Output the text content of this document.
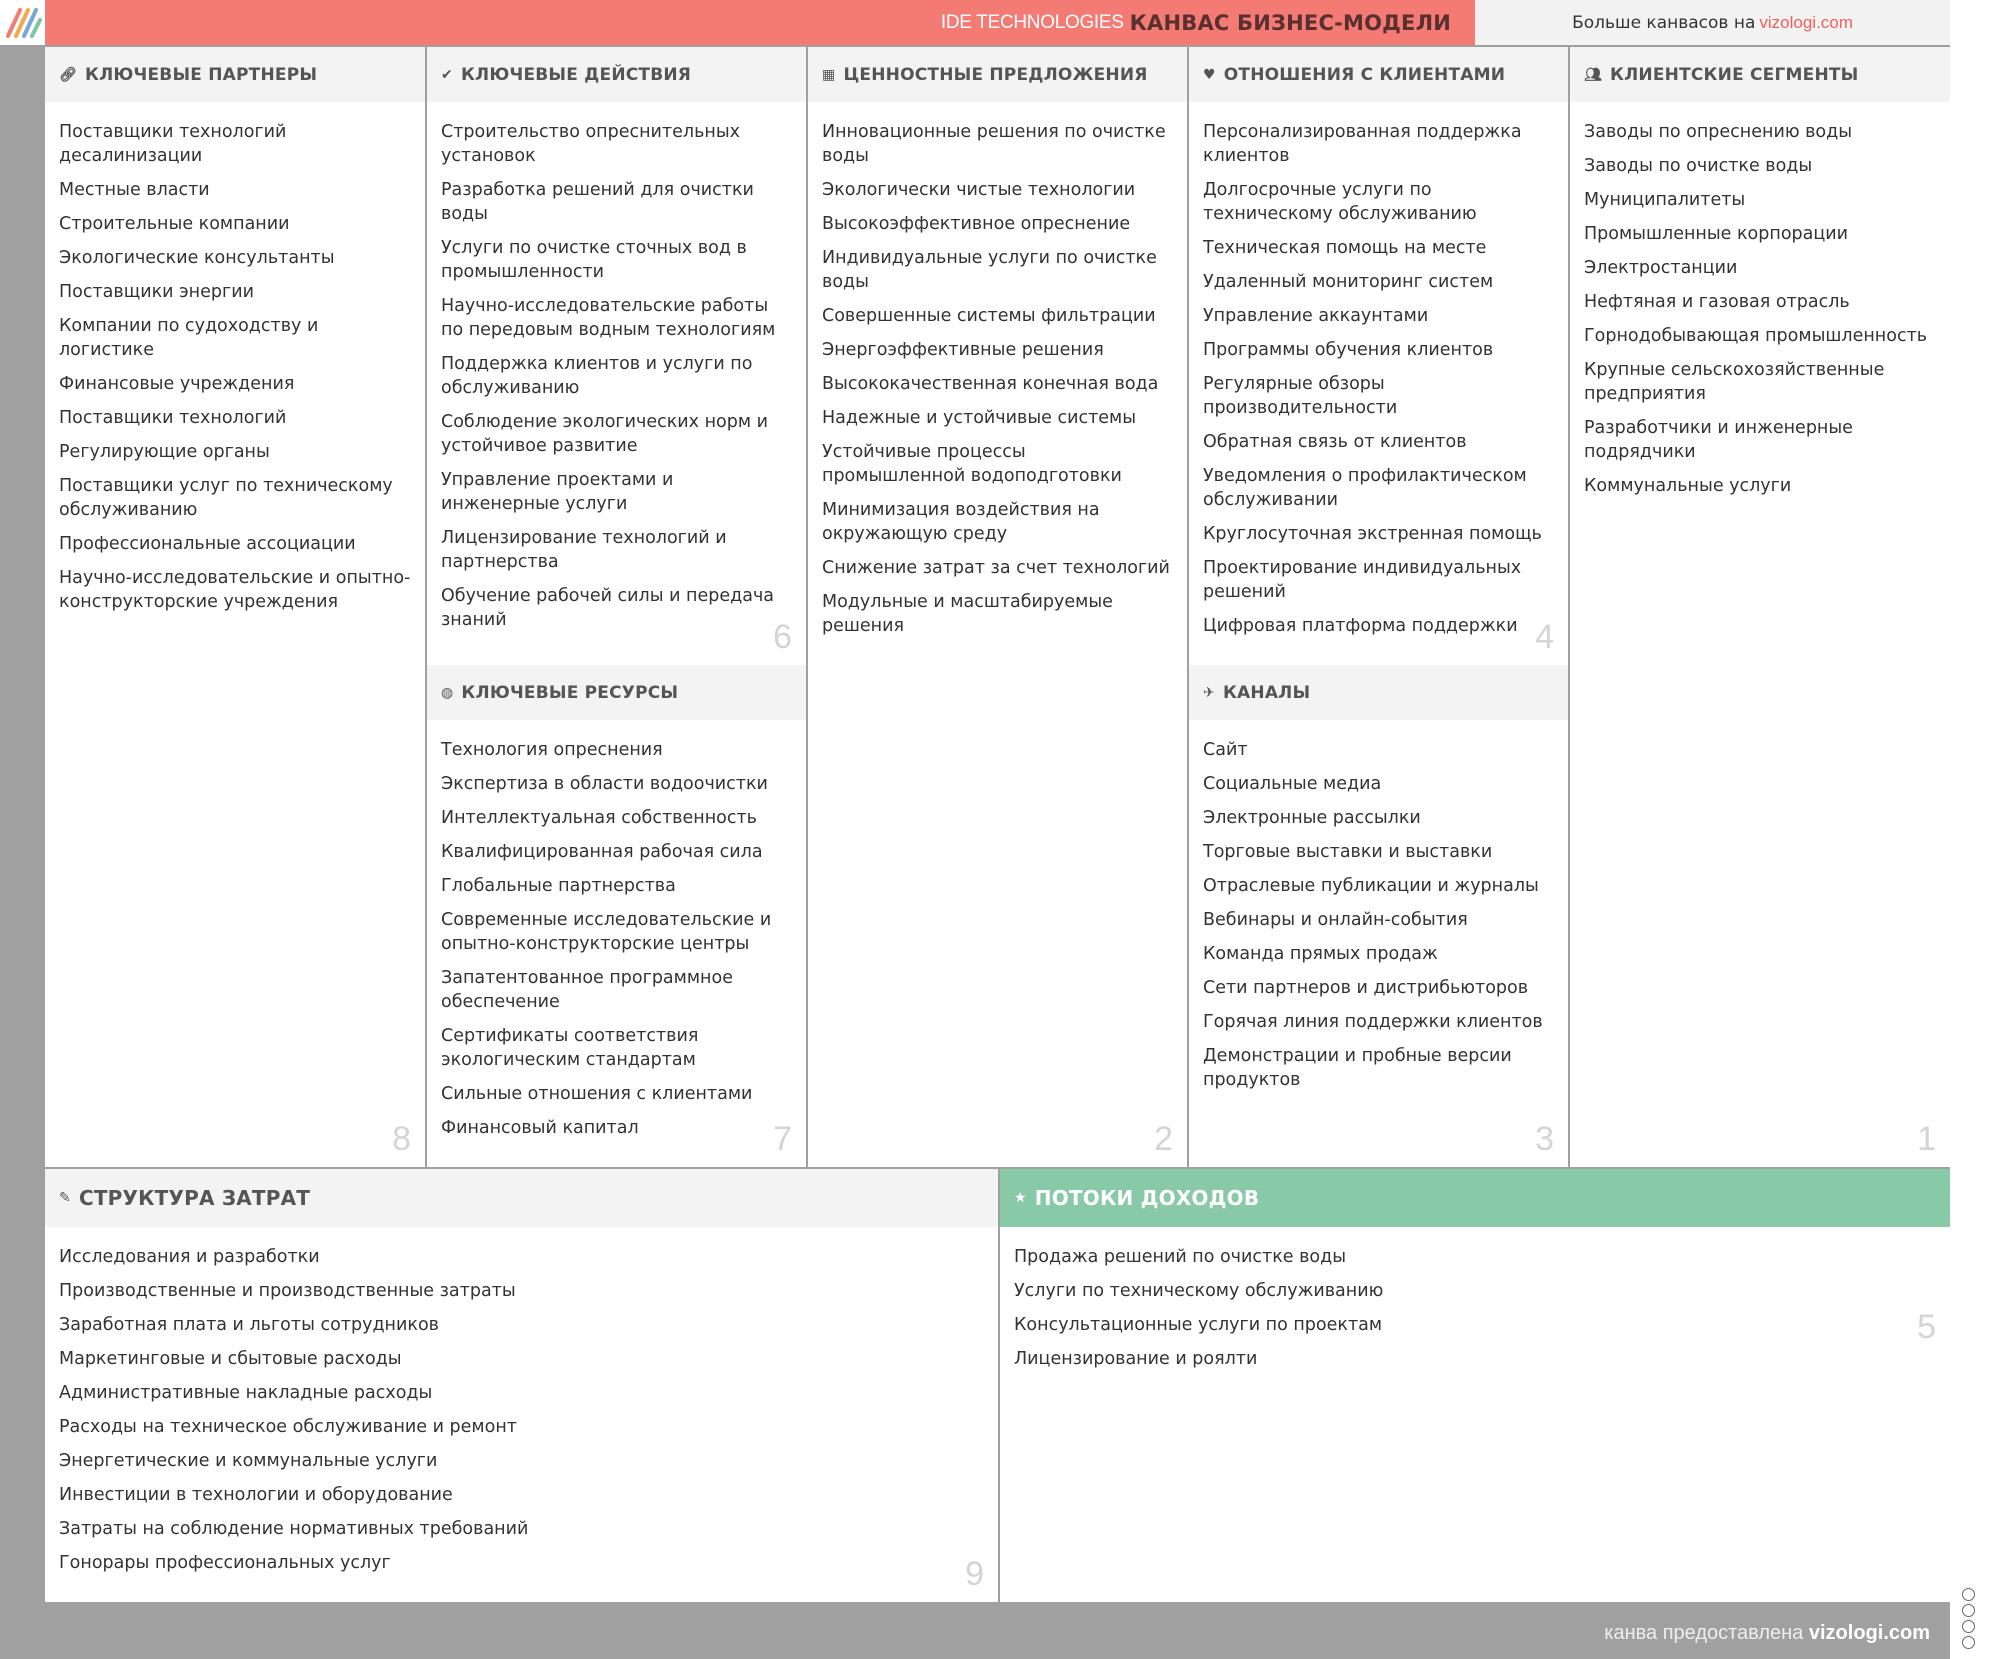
IDE TECHNOLOGIES КАНВАС БИЗНЕС-МОДЕЛИ	Больше канвасов на vizologi.com
🔗︎ КЛЮЧЕВЫЕ ПАРТНЕРЫ
Поставщики технологий десалинизации
Местные власти
Строительные компании
Экологические консультанты
Поставщики энергии
Компании по судоходству и логистике
Финансовые учреждения
Поставщики технологий
Регулирующие органы
Поставщики услуг по техническому обслуживанию
Профессиональные ассоциации
Научно-исследовательские и опытно-конструкторские учреждения
8
✔ КЛЮЧЕВЫЕ ДЕЙСТВИЯ
Строительство опреснительных установок
Разработка решений для очистки воды
Услуги по очистке сточных вод в промышленности
Научно-исследовательские работы по передовым водным технологиям
Поддержка клиентов и услуги по обслуживанию
Соблюдение экологических норм и устойчивое развитие
Управление проектами и инженерные услуги
Лицензирование технологий и партнерства
Обучение рабочей силы и передача знаний	6
◍ КЛЮЧЕВЫЕ РЕСУРСЫ
Технология опреснения
Экспертиза в области водоочистки
Интеллектуальная собственность
Квалифицированная рабочая сила
Глобальные партнерства
Современные исследовательские и опытно-конструкторские центры
Запатентованное программное обеспечение
Сертификаты соответствия экологическим стандартам
Сильные отношения с клиентами
Финансовый капитал	7
▦ ЦЕННОСТНЫЕ ПРЕДЛОЖЕНИЯ
Инновационные решения по очистке воды
Экологически чистые технологии
Высокоэффективное опреснение
Индивидуальные услуги по очистке воды
Совершенные системы фильтрации
Энергоэффективные решения
Высококачественная конечная вода
Надежные и устойчивые системы
Устойчивые процессы промышленной водоподготовки
Минимизация воздействия на окружающую среду
Снижение затрат за счет технологий
Модульные и масштабируемые решения
2
♥ ОТНОШЕНИЯ С КЛИЕНТАМИ
Персонализированная поддержка клиентов
Долгосрочные услуги по техническому обслуживанию
Техническая помощь на месте
Удаленный мониторинг систем
Управление аккаунтами
Программы обучения клиентов
Регулярные обзоры производительности
Обратная связь от клиентов
Уведомления о профилактическом обслуживании
Круглосуточная экстренная помощь
Проектирование индивидуальных решений
Цифровая платформа поддержки 4
✈ КАНАЛЫ
Сайт
Социальные медиа
Электронные рассылки
Торговые выставки и выставки
Отраслевые публикации и журналы
Вебинары и онлайн-события
Команда прямых продаж
Сети партнеров и дистрибьюторов
Горячая линия поддержки клиентов
Демонстрации и пробные версии продуктов
3
👥︎ КЛИЕНТСКИЕ СЕГМЕНТЫ
Заводы по опреснению воды
Заводы по очистке воды
Муниципалитеты
Промышленные корпорации
Электростанции
Нефтяная и газовая отрасль
Горнодобывающая промышленность
Крупные сельскохозяйственные предприятия
Разработчики и инженерные подрядчики
Коммунальные услуги
1
✎ СТРУКТУРА ЗАТРАТ
Исследования и разработки
Производственные и производственные затраты
Заработная плата и льготы сотрудников
Маркетинговые и сбытовые расходы
Административные накладные расходы
Расходы на техническое обслуживание и ремонт
Энергетические и коммунальные услуги
Инвестиции в технологии и оборудование
Затраты на соблюдение нормативных требований
Гонорары профессиональных услуг	9
★ ПОТОКИ ДОХОДОВ
Продажа решений по очистке воды
Услуги по техническому обслуживанию
Консультационные услуги по проектам
Лицензирование и роялти
5
канва предоставлена vizologi.com
